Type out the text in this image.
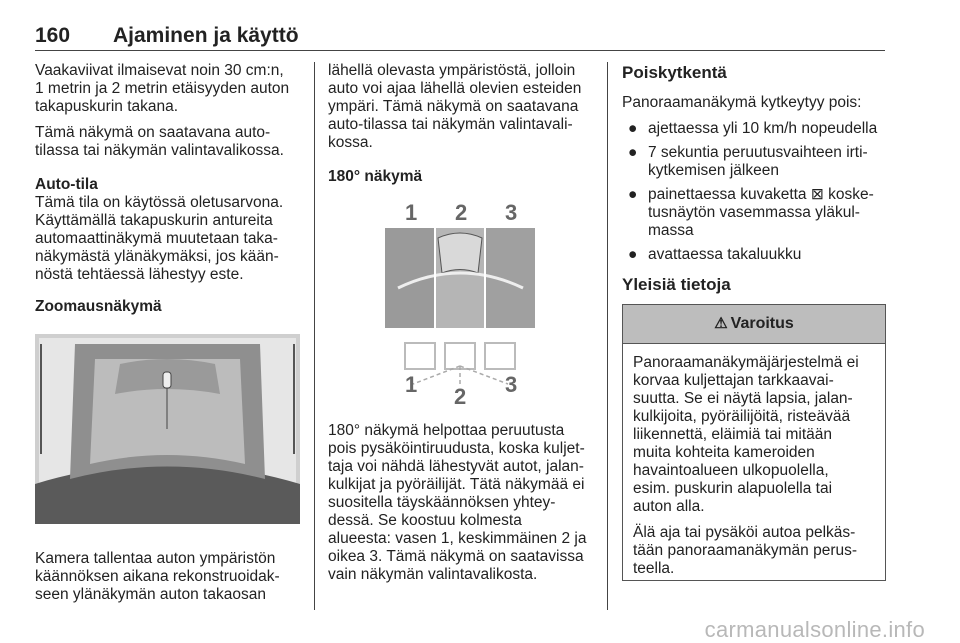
160 Ajaminen ja käyttö

Vaakaviivat ilmaisevat noin 30 cm:n,
1 metrin ja 2 metrin etäisyyden auton
takapuskurin takana.

Tämä näkymä on saatavana auto-
tilassa tai näkymän valintavalikossa.

Auto-tila

Tämä tila on käytössä oletusarvona.
Käyttämällä takapuskurin antureita
automaattinäkymä muutetaan taka-
näkymästä ylänäkymäksi, jos kään-
nöstä tehtäessä lähestyy este.

Zoomausnäkymä

Kamera tallentaa auton ympäristön
käännöksen aikana rekonstruoidak-
seen ylänäkymän auton takaosan

lähellä olevasta ympäristöstä, jolloin
auto voi ajaa lähellä olevien esteiden
ympäri. Tämä näkymä on saatavana
auto-tilassa tai näkymän valintavali-
kossa.

180° näkymä

1 2 3
1 2 3

180° näkymä helpottaa peruutusta
pois pysäköintiruudusta, koska kuljet-
taja voi nähdä lähestyvät autot, jalan-
kulkijat ja pyöräilijät. Tätä näkymää ei
suositella täyskäännöksen yhtey-
dessä. Se koostuu kolmesta
alueesta: vasen 1, keskimmäinen 2 ja
oikea 3. Tämä näkymä on saatavissa
vain näkymän valintavalikosta.

Poiskytkentä

Panoraamanäkymä kytkeytyy pois:

● ajettaessa yli 10 km/h nopeudella
● 7 sekuntia peruutusvaihteen irti-
kytkemisen jälkeen
● painettaessa kuvaketta ⊠ koske-
tusnäytön vasemmassa yläkul-
massa
● avattaessa takaluukku

Yleisiä tietoja

⚠ Varoitus

Panoraamanäkymäjärjestelmä ei
korvaa kuljettajan tarkkaavai-
suutta. Se ei näytä lapsia, jalan-
kulkijoita, pyöräilijöitä, risteävää
liikennettä, eläimiä tai mitään
muita kohteita kameroiden
havaintoalueen ulkopuolella,
esim. puskurin alapuolella tai
auton alla.

Älä aja tai pysäköi autoa pelkäs-
tään panoraamanäkymän perus-
teella.

carmanualsonline.info
